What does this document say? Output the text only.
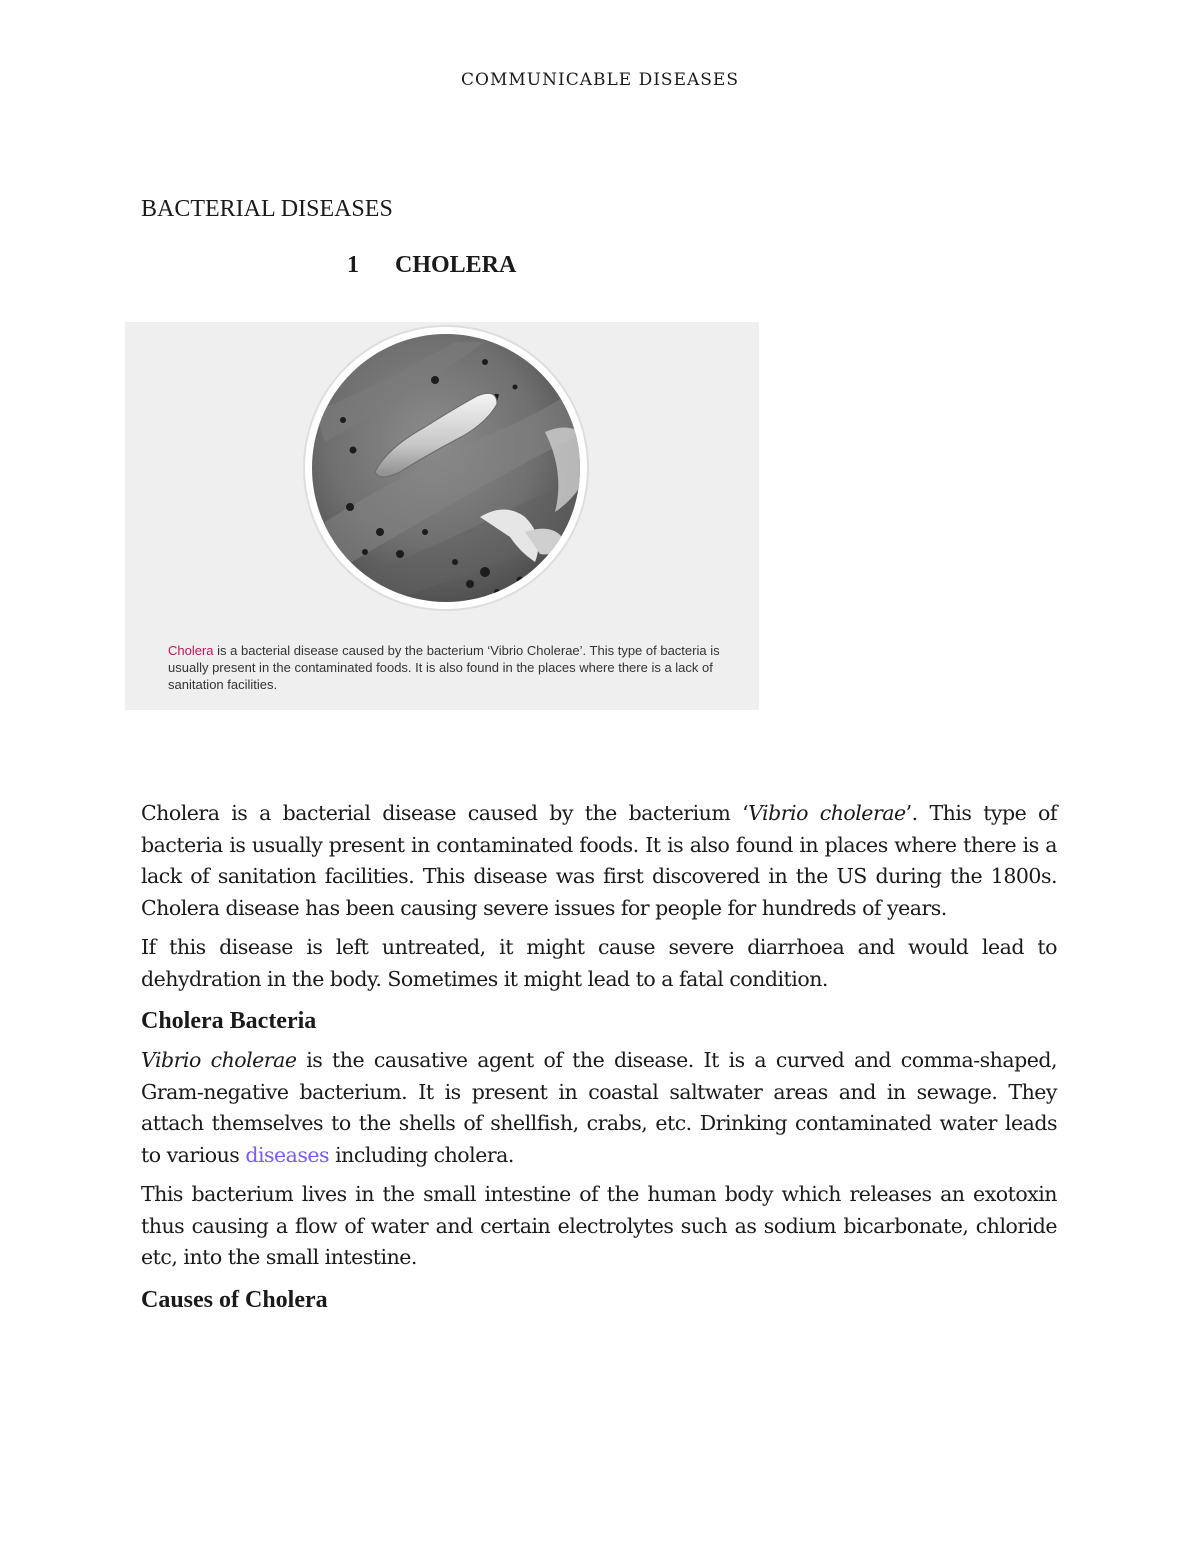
COMMUNICABLE DISEASES
BACTERIAL DISEASES
1 CHOLERA
Cholera is a bacterial disease caused by the bacterium ‘Vibrio Cholerae’. This type of bacteria is usually present in the contaminated foods. It is also found in the places where there is a lack of sanitation facilities.

Cholera is a bacterial disease caused by the bacterium ‘Vibrio cholerae’. This type of bacteria is usually present in contaminated foods. It is also found in places where there is a lack of sanitation facilities. This disease was first discovered in the US during the 1800s. Cholera disease has been causing severe issues for people for hundreds of years.

If this disease is left untreated, it might cause severe diarrhoea and would lead to dehydration in the body. Sometimes it might lead to a fatal condition.

Cholera Bacteria

Vibrio cholerae is the causative agent of the disease. It is a curved and comma-shaped, Gram-negative bacterium. It is present in coastal saltwater areas and in sewage. They attach themselves to the shells of shellfish, crabs, etc. Drinking contaminated water leads to various diseases including cholera.

This bacterium lives in the small intestine of the human body which releases an exotoxin thus causing a flow of water and certain electrolytes such as sodium bicarbonate, chloride etc, into the small intestine.

Causes of Cholera
